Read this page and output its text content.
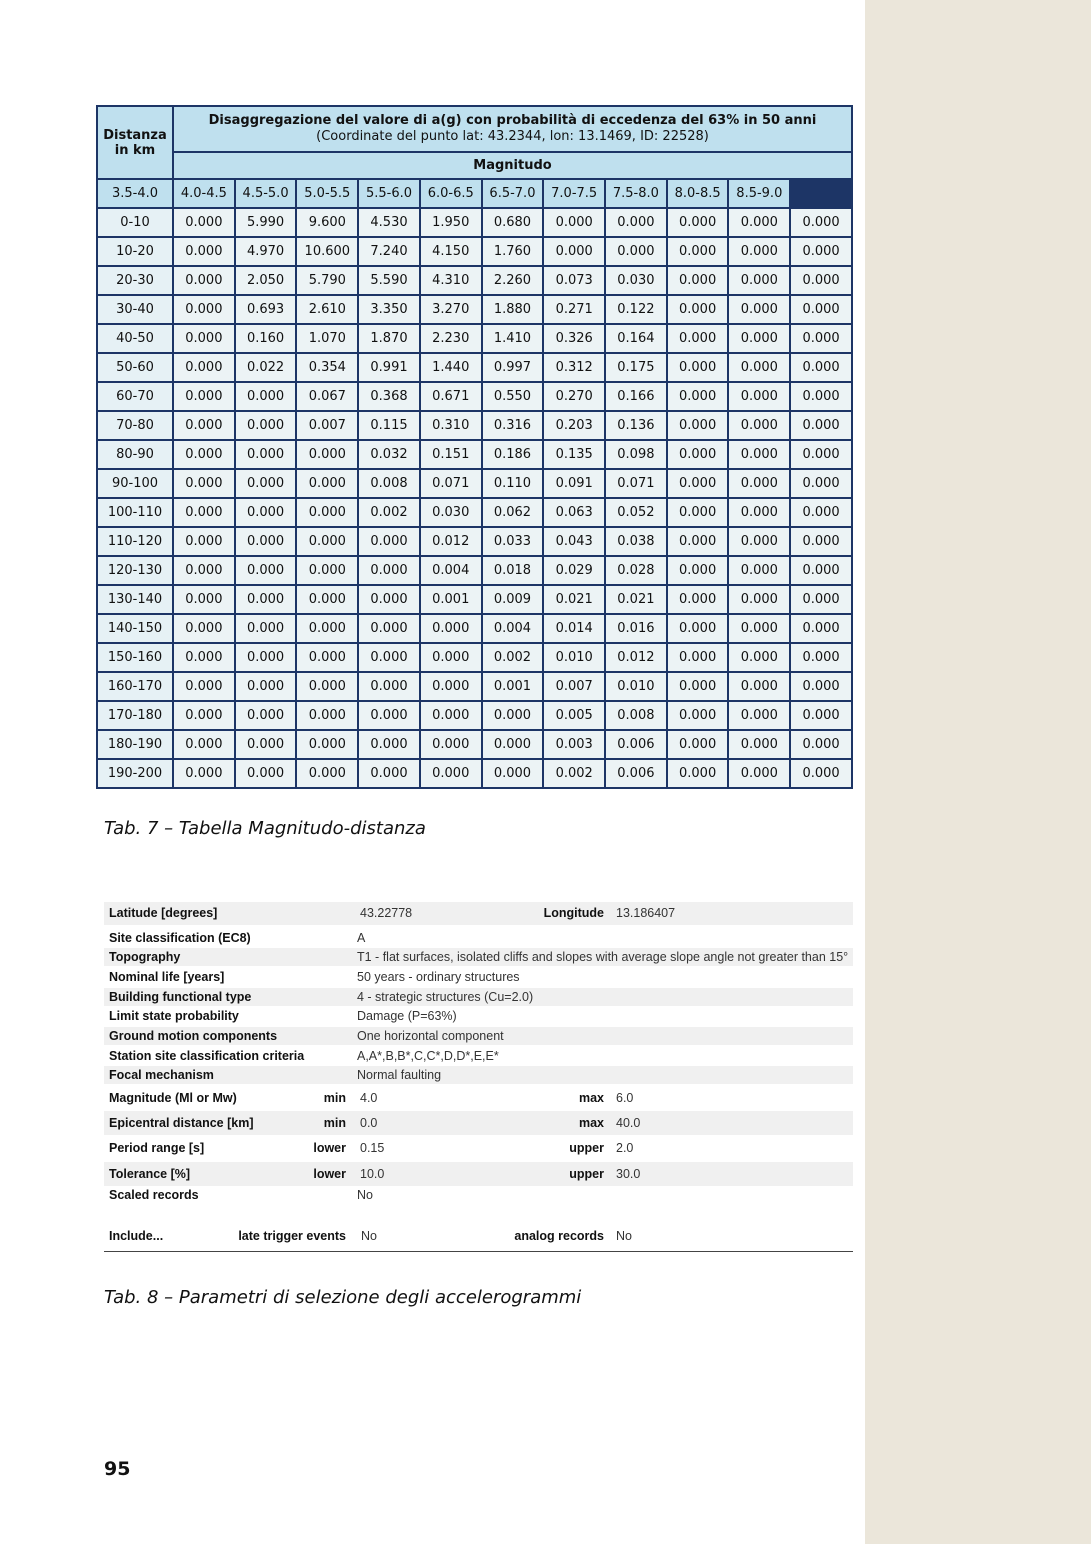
Distanza in km	Disaggregazione del valore di a(g) con probabilità di eccedenza del 63% in 50 anni
(Coordinate del punto lat: 43.2344, lon: 13.1469, ID: 22528)										

	Magnitudo										
3.5-4.0	4.0-4.5	4.5-5.0	5.0-5.5	5.5-6.0	6.0-6.5	6.5-7.0	7.0-7.5	7.5-8.0	8.0-8.5	8.5-9.0	
0-10	0.000	5.990	9.600	4.530	1.950	0.680	0.000	0.000	0.000	0.000	0.000
10-20	0.000	4.970	10.600	7.240	4.150	1.760	0.000	0.000	0.000	0.000	0.000
20-30	0.000	2.050	5.790	5.590	4.310	2.260	0.073	0.030	0.000	0.000	0.000
30-40	0.000	0.693	2.610	3.350	3.270	1.880	0.271	0.122	0.000	0.000	0.000
40-50	0.000	0.160	1.070	1.870	2.230	1.410	0.326	0.164	0.000	0.000	0.000
50-60	0.000	0.022	0.354	0.991	1.440	0.997	0.312	0.175	0.000	0.000	0.000
60-70	0.000	0.000	0.067	0.368	0.671	0.550	0.270	0.166	0.000	0.000	0.000
70-80	0.000	0.000	0.007	0.115	0.310	0.316	0.203	0.136	0.000	0.000	0.000
80-90	0.000	0.000	0.000	0.032	0.151	0.186	0.135	0.098	0.000	0.000	0.000
90-100	0.000	0.000	0.000	0.008	0.071	0.110	0.091	0.071	0.000	0.000	0.000
100-110	0.000	0.000	0.000	0.002	0.030	0.062	0.063	0.052	0.000	0.000	0.000
110-120	0.000	0.000	0.000	0.000	0.012	0.033	0.043	0.038	0.000	0.000	0.000
120-130	0.000	0.000	0.000	0.000	0.004	0.018	0.029	0.028	0.000	0.000	0.000
130-140	0.000	0.000	0.000	0.000	0.001	0.009	0.021	0.021	0.000	0.000	0.000
140-150	0.000	0.000	0.000	0.000	0.000	0.004	0.014	0.016	0.000	0.000	0.000
150-160	0.000	0.000	0.000	0.000	0.000	0.002	0.010	0.012	0.000	0.000	0.000
160-170	0.000	0.000	0.000	0.000	0.000	0.001	0.007	0.010	0.000	0.000	0.000
170-180	0.000	0.000	0.000	0.000	0.000	0.000	0.005	0.008	0.000	0.000	0.000
180-190	0.000	0.000	0.000	0.000	0.000	0.000	0.003	0.006	0.000	0.000	0.000
190-200	0.000	0.000	0.000	0.000	0.000	0.000	0.002	0.006	0.000	0.000	0.000
Tab. 7 – Tabella Magnitudo-distanza
Latitude [degrees]	43.22778	Longitude 13.186407
Site classification (EC8)	A
Topography	T1 - flat surfaces, isolated cliffs and slopes with average slope angle not greater than 15°
Nominal life [years]	50 years - ordinary structures
Building functional type	4 - strategic structures (Cu=2.0)
Limit state probability	Damage (P=63%)
Ground motion components	One horizontal component
Station site classification criteria	A,A*,B,B*,C,C*,D,D*,E,E*
Focal mechanism	Normal faulting
Magnitude (Ml or Mw)	min 4.0	max 6.0
Epicentral distance [km]	min 0.0	max 40.0
Period range [s]	lower 0.15	upper 2.0
Tolerance [%]	lower 10.0	upper 30.0
Scaled records	No
Include...	late trigger events No	analog records No
Tab. 8 – Parametri di selezione degli accelerogrammi
95
